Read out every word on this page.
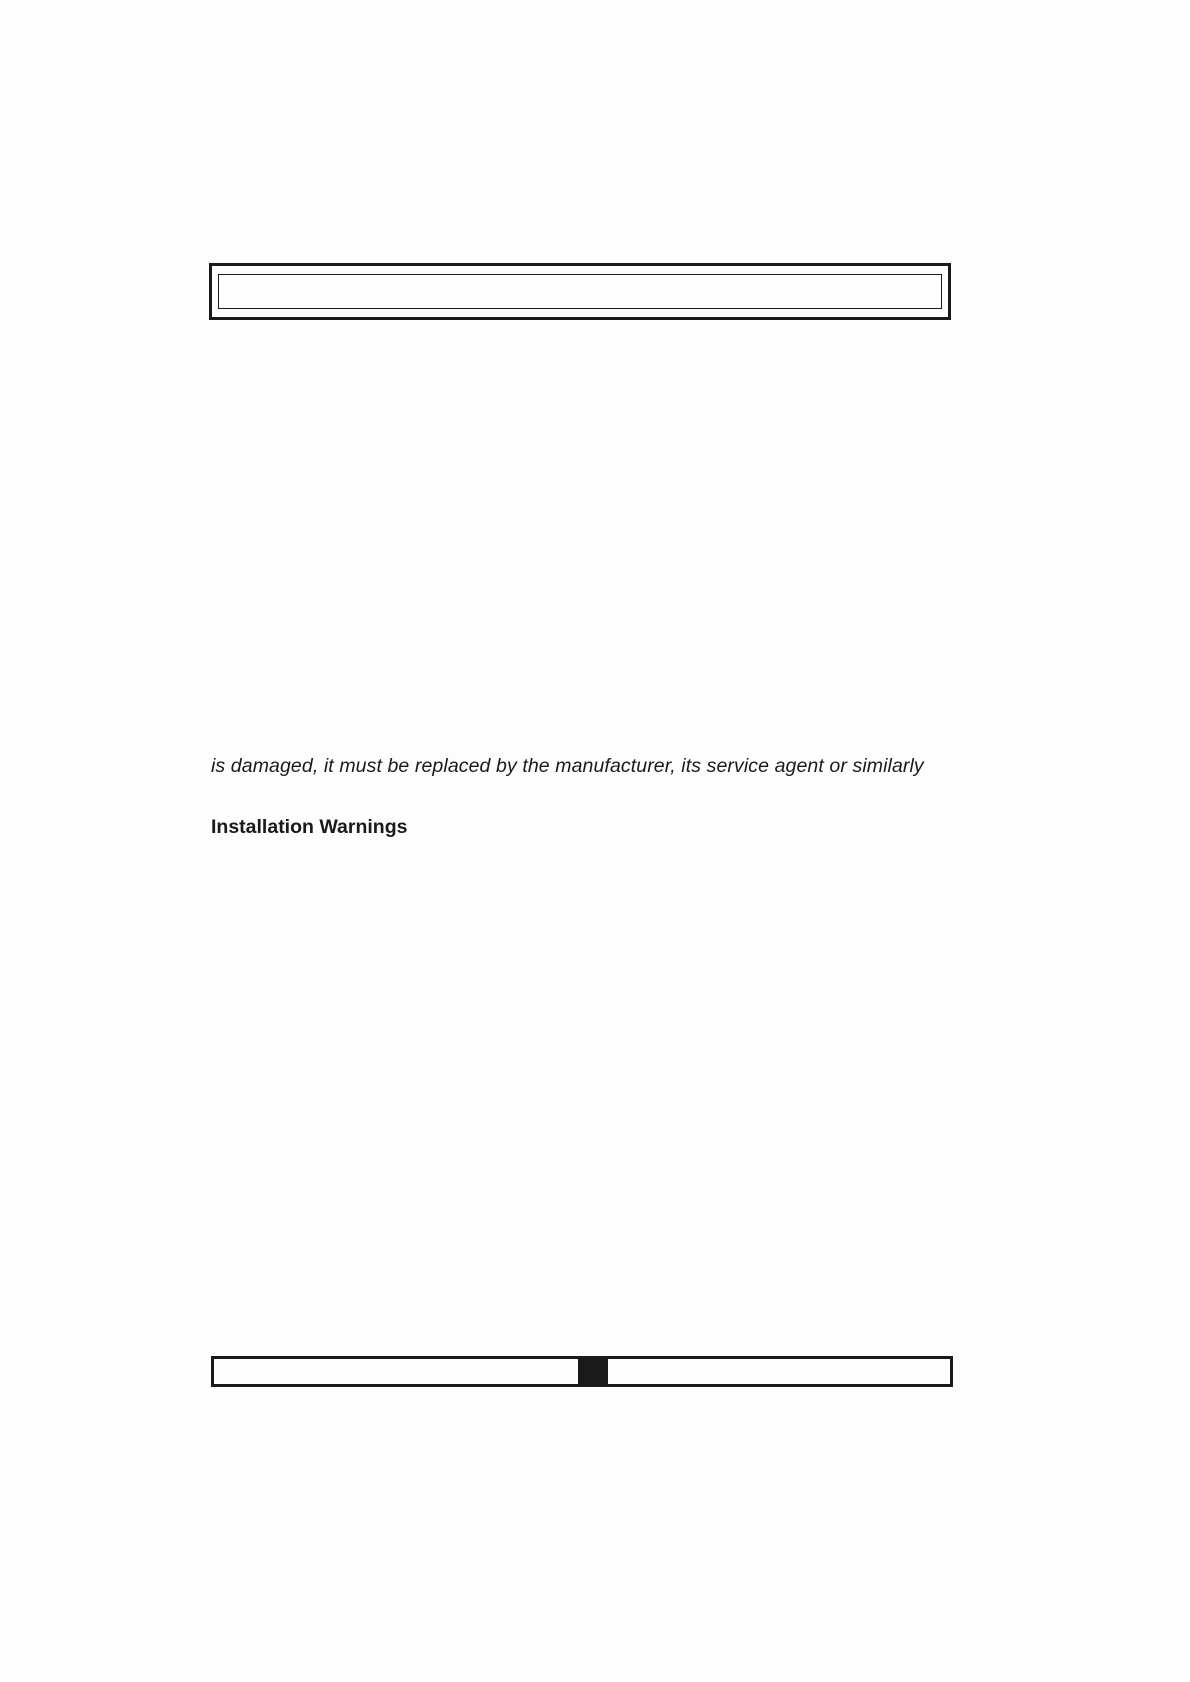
is damaged, it must be replaced by the manufacturer, its service agent or similarly
Installation Warnings
